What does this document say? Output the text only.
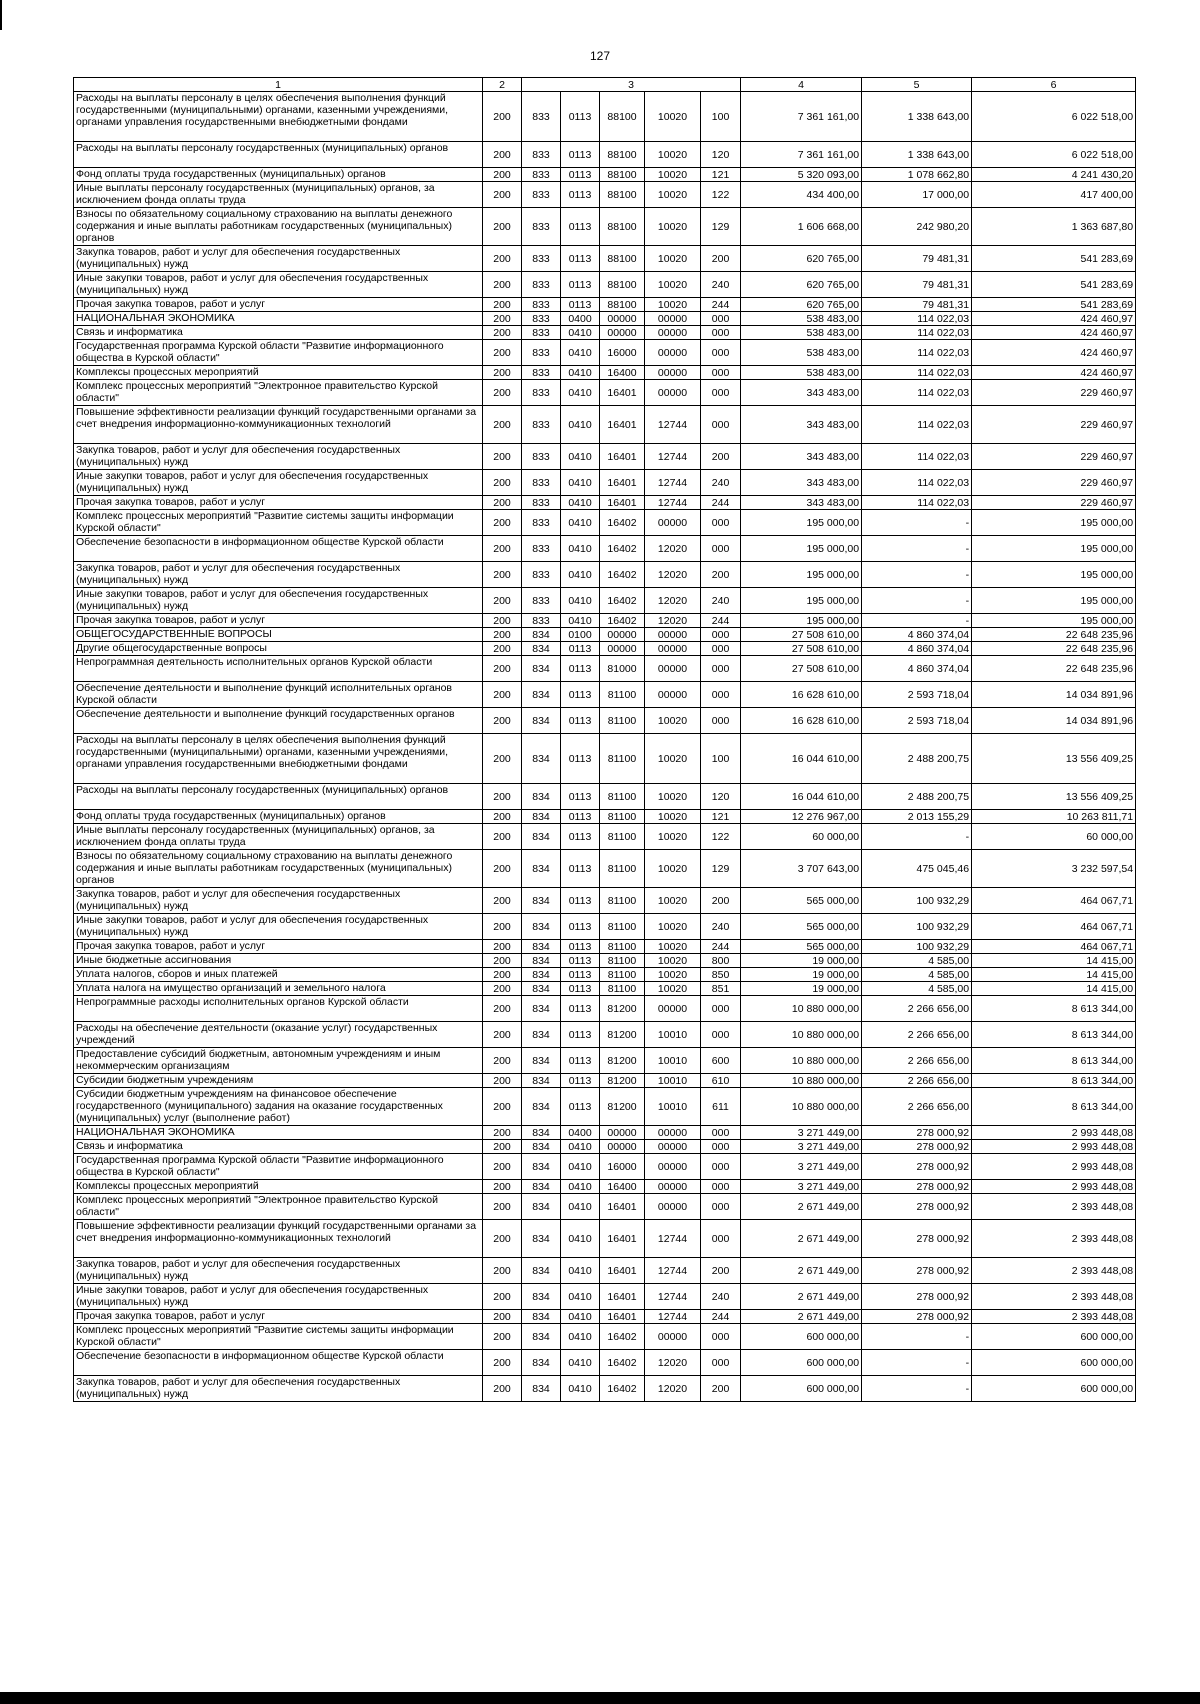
127
1	2	3					4	5	6
Расходы на выплаты персоналу в целях обеспечения выполнения функций государственными (муниципальными) органами, казенными учреждениями, органами управления государственными внебюджетными фондами	200	833	0113	88100	10020	100	7 361 161,00	1 338 643,00	6 022 518,00
Расходы на выплаты персоналу государственных (муниципальных) органов	200	833	0113	88100	10020	120	7 361 161,00	1 338 643,00	6 022 518,00
Фонд оплаты труда государственных (муниципальных) органов	200	833	0113	88100	10020	121	5 320 093,00	1 078 662,80	4 241 430,20
Иные выплаты персоналу государственных (муниципальных) органов, за исключением фонда оплаты труда	200	833	0113	88100	10020	122	434 400,00	17 000,00	417 400,00
Взносы по обязательному социальному страхованию на выплаты денежного содержания и иные выплаты работникам государственных (муниципальных) органов	200	833	0113	88100	10020	129	1 606 668,00	242 980,20	1 363 687,80
Закупка товаров, работ и услуг для обеспечения государственных (муниципальных) нужд	200	833	0113	88100	10020	200	620 765,00	79 481,31	541 283,69
Иные закупки товаров, работ и услуг для обеспечения государственных (муниципальных) нужд	200	833	0113	88100	10020	240	620 765,00	79 481,31	541 283,69
Прочая закупка товаров, работ и услуг	200	833	0113	88100	10020	244	620 765,00	79 481,31	541 283,69
НАЦИОНАЛЬНАЯ ЭКОНОМИКА	200	833	0400	00000	00000	000	538 483,00	114 022,03	424 460,97
Связь и информатика	200	833	0410	00000	00000	000	538 483,00	114 022,03	424 460,97
Государственная программа Курской области "Развитие информационного общества в Курской области"	200	833	0410	16000	00000	000	538 483,00	114 022,03	424 460,97
Комплексы процессных мероприятий	200	833	0410	16400	00000	000	538 483,00	114 022,03	424 460,97
Комплекс процессных мероприятий "Электронное правительство Курской области"	200	833	0410	16401	00000	000	343 483,00	114 022,03	229 460,97
Повышение эффективности реализации функций государственными органами за счет внедрения информационно-коммуникационных технологий	200	833	0410	16401	12744	000	343 483,00	114 022,03	229 460,97
Закупка товаров, работ и услуг для обеспечения государственных (муниципальных) нужд	200	833	0410	16401	12744	200	343 483,00	114 022,03	229 460,97
Иные закупки товаров, работ и услуг для обеспечения государственных (муниципальных) нужд	200	833	0410	16401	12744	240	343 483,00	114 022,03	229 460,97
Прочая закупка товаров, работ и услуг	200	833	0410	16401	12744	244	343 483,00	114 022,03	229 460,97
Комплекс процессных мероприятий "Развитие системы защиты информации Курской области"	200	833	0410	16402	00000	000	195 000,00	-	195 000,00
Обеспечение безопасности в информационном обществе Курской области	200	833	0410	16402	12020	000	195 000,00	-	195 000,00
Закупка товаров, работ и услуг для обеспечения государственных (муниципальных) нужд	200	833	0410	16402	12020	200	195 000,00	-	195 000,00
Иные закупки товаров, работ и услуг для обеспечения государственных (муниципальных) нужд	200	833	0410	16402	12020	240	195 000,00	-	195 000,00
Прочая закупка товаров, работ и услуг	200	833	0410	16402	12020	244	195 000,00	-	195 000,00
ОБЩЕГОСУДАРСТВЕННЫЕ ВОПРОСЫ	200	834	0100	00000	00000	000	27 508 610,00	4 860 374,04	22 648 235,96
Другие общегосударственные вопросы	200	834	0113	00000	00000	000	27 508 610,00	4 860 374,04	22 648 235,96
Непрограммная деятельность исполнительных органов Курской области	200	834	0113	81000	00000	000	27 508 610,00	4 860 374,04	22 648 235,96
Обеспечение деятельности и выполнение функций исполнительных органов Курской области	200	834	0113	81100	00000	000	16 628 610,00	2 593 718,04	14 034 891,96
Обеспечение деятельности и выполнение функций государственных органов	200	834	0113	81100	10020	000	16 628 610,00	2 593 718,04	14 034 891,96
Расходы на выплаты персоналу в целях обеспечения выполнения функций государственными (муниципальными) органами, казенными учреждениями, органами управления государственными внебюджетными фондами	200	834	0113	81100	10020	100	16 044 610,00	2 488 200,75	13 556 409,25
Расходы на выплаты персоналу государственных (муниципальных) органов	200	834	0113	81100	10020	120	16 044 610,00	2 488 200,75	13 556 409,25
Фонд оплаты труда государственных (муниципальных) органов	200	834	0113	81100	10020	121	12 276 967,00	2 013 155,29	10 263 811,71
Иные выплаты персоналу государственных (муниципальных) органов, за исключением фонда оплаты труда	200	834	0113	81100	10020	122	60 000,00	-	60 000,00
Взносы по обязательному социальному страхованию на выплаты денежного содержания и иные выплаты работникам государственных (муниципальных) органов	200	834	0113	81100	10020	129	3 707 643,00	475 045,46	3 232 597,54
Закупка товаров, работ и услуг для обеспечения государственных (муниципальных) нужд	200	834	0113	81100	10020	200	565 000,00	100 932,29	464 067,71
Иные закупки товаров, работ и услуг для обеспечения государственных (муниципальных) нужд	200	834	0113	81100	10020	240	565 000,00	100 932,29	464 067,71
Прочая закупка товаров, работ и услуг	200	834	0113	81100	10020	244	565 000,00	100 932,29	464 067,71
Иные бюджетные ассигнования	200	834	0113	81100	10020	800	19 000,00	4 585,00	14 415,00
Уплата налогов, сборов и иных платежей	200	834	0113	81100	10020	850	19 000,00	4 585,00	14 415,00
Уплата налога на имущество организаций и земельного налога	200	834	0113	81100	10020	851	19 000,00	4 585,00	14 415,00
Непрограммные расходы исполнительных органов Курской области	200	834	0113	81200	00000	000	10 880 000,00	2 266 656,00	8 613 344,00
Расходы на обеспечение деятельности (оказание услуг) государственных учреждений	200	834	0113	81200	10010	000	10 880 000,00	2 266 656,00	8 613 344,00
Предоставление субсидий бюджетным, автономным учреждениям и иным некоммерческим организациям	200	834	0113	81200	10010	600	10 880 000,00	2 266 656,00	8 613 344,00
Субсидии бюджетным учреждениям	200	834	0113	81200	10010	610	10 880 000,00	2 266 656,00	8 613 344,00
Субсидии бюджетным учреждениям на финансовое обеспечение государственного (муниципального) задания на оказание государственных (муниципальных) услуг (выполнение работ)	200	834	0113	81200	10010	611	10 880 000,00	2 266 656,00	8 613 344,00
НАЦИОНАЛЬНАЯ ЭКОНОМИКА	200	834	0400	00000	00000	000	3 271 449,00	278 000,92	2 993 448,08
Связь и информатика	200	834	0410	00000	00000	000	3 271 449,00	278 000,92	2 993 448,08
Государственная программа Курской области "Развитие информационного общества в Курской области"	200	834	0410	16000	00000	000	3 271 449,00	278 000,92	2 993 448,08
Комплексы процессных мероприятий	200	834	0410	16400	00000	000	3 271 449,00	278 000,92	2 993 448,08
Комплекс процессных мероприятий "Электронное правительство Курской области"	200	834	0410	16401	00000	000	2 671 449,00	278 000,92	2 393 448,08
Повышение эффективности реализации функций государственными органами за счет внедрения информационно-коммуникационных технологий	200	834	0410	16401	12744	000	2 671 449,00	278 000,92	2 393 448,08
Закупка товаров, работ и услуг для обеспечения государственных (муниципальных) нужд	200	834	0410	16401	12744	200	2 671 449,00	278 000,92	2 393 448,08
Иные закупки товаров, работ и услуг для обеспечения государственных (муниципальных) нужд	200	834	0410	16401	12744	240	2 671 449,00	278 000,92	2 393 448,08
Прочая закупка товаров, работ и услуг	200	834	0410	16401	12744	244	2 671 449,00	278 000,92	2 393 448,08
Комплекс процессных мероприятий "Развитие системы защиты информации Курской области"	200	834	0410	16402	00000	000	600 000,00	-	600 000,00
Обеспечение безопасности в информационном обществе Курской области	200	834	0410	16402	12020	000	600 000,00	-	600 000,00
Закупка товаров, работ и услуг для обеспечения государственных (муниципальных) нужд	200	834	0410	16402	12020	200	600 000,00	-	600 000,00
